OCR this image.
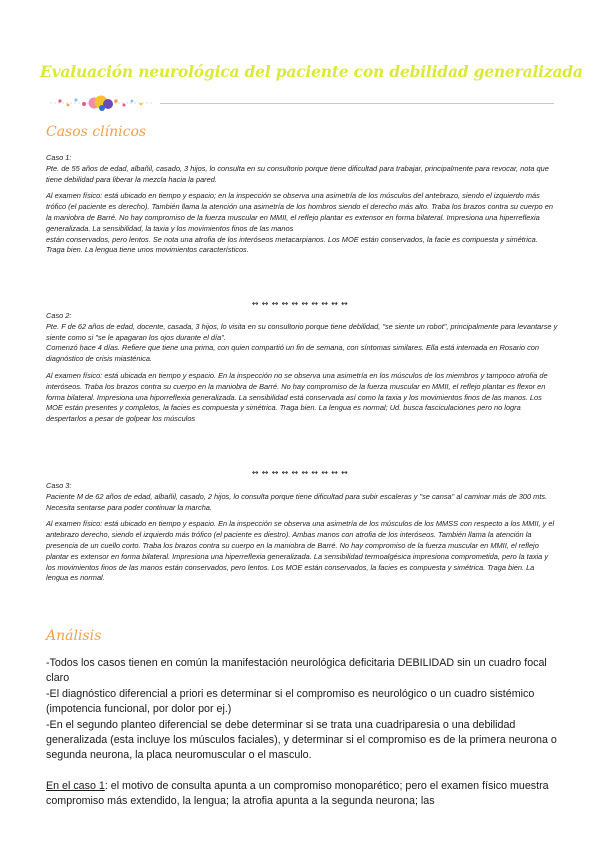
Evaluación neurológica del paciente con debilidad generalizada
Casos clínicos

Caso 1:

Pte. de 55 años de edad, albañil, casado, 3 hijos, lo consulta en su consultorio porque tiene dificultad para trabajar, principalmente para revocar, nota que tiene debilidad para liberar la mezcla hacia la pared.

Al examen físico: está ubicado en tiempo y espacio; en la inspección se observa una asimetría de los músculos del antebrazo, siendo el izquierdo más trófico (el paciente es derecho). También llama la atención una asimetría de los hombros siendo el derecho más alto. Traba los brazos contra su cuerpo en la maniobra de Barré. No hay compromiso de la fuerza muscular en MMII, el reflejo plantar es extensor en forma bilateral. Impresiona una hiperreflexia generalizada. La sensibilidad, la taxia y los movimientos finos de las manos

están conservados, pero lentos. Se nota una atrofia de los interóseos metacarpianos. Los MOE están conservados, la facie es compuesta y simétrica. Traga bien. La lengua tiene unos movimientos característicos.

↭ ↭ ↭ ↭ ↭ ↭ ↭ ↭ ↭ ↭

Caso 2:

Pte. F de 62 años de edad, docente, casada, 3 hijos, lo visita en su consultorio porque tiene debilidad, "se siente un robot", principalmente para levantarse y siente como si "se le apagaran los ojos durante el día".

Comenzó hace 4 días. Refiere que tiene una prima, con quien compartió un fin de semana, con síntomas similares. Ella está internada en Rosario con diagnóstico de crisis miasténica.

Al examen físico: está ubicada en tiempo y espacio. En la inspección no se observa una asimetría en los músculos de los miembros y tampoco atrofia de interóseos. Traba los brazos contra su cuerpo en la maniobra de Barré. No hay compromiso de la fuerza muscular en MMII, el reflejo plantar es flexor en forma bilateral. Impresiona una hiporreflexia generalizada. La sensibilidad está conservada así como la taxia y los movimientos finos de las manos. Los MOE están presentes y completos, la facies es compuesta y simétrica. Traga bien. La lengua es normal; Ud. busca fasciculaciones pero no logra despertarlos a pesar de golpear los músculos

↭ ↭ ↭ ↭ ↭ ↭ ↭ ↭ ↭ ↭

Caso 3:

Paciente M de 62 años de edad, albañil, casado, 2 hijos, lo consulta porque tiene dificultad para subir escaleras y "se cansa" al caminar más de 300 mts. Necesita sentarse para poder continuar la marcha.

Al examen físico: está ubicado en tiempo y espacio. En la inspección se observa una asimetría de los músculos de los MMSS con respecto a los MMII, y el antebrazo derecho, siendo el izquierdo más trófico (el paciente es diestro). Ambas manos con atrofia de los interóseos. También llama la atención la presencia de un cuello corto. Traba los brazos contra su cuerpo en la maniobra de Barré. No hay compromiso de la fuerza muscular en MMII, el reflejo plantar es extensor en forma bilateral. Impresiona una hiperreflexia generalizada. La sensibilidad termoalgésica impresiona comprometida, pero la taxia y los movimientos finos de las manos están conservados, pero lentos. Los MOE están conservados, la facies es compuesta y simétrica. Traga bien. La lengua es normal.

Análisis

-Todos los casos tienen en común la manifestación neurológica deficitaria DEBILIDAD sin un cuadro focal claro

-El diagnóstico diferencial a priori es determinar si el compromiso es neurológico o un cuadro sistémico (impotencia funcional, por dolor por ej.)

-En el segundo planteo diferencial se debe determinar si se trata una cuadriparesia o una debilidad generalizada (esta incluye los músculos faciales), y determinar si el compromiso es de la primera neurona o segunda neurona, la placa neuromuscular o el masculo.

En el caso 1: el motivo de consulta apunta a un compromiso monoparético; pero el examen físico muestra compromiso más extendido, la lengua; la atrofia apunta a la segunda neurona; las
